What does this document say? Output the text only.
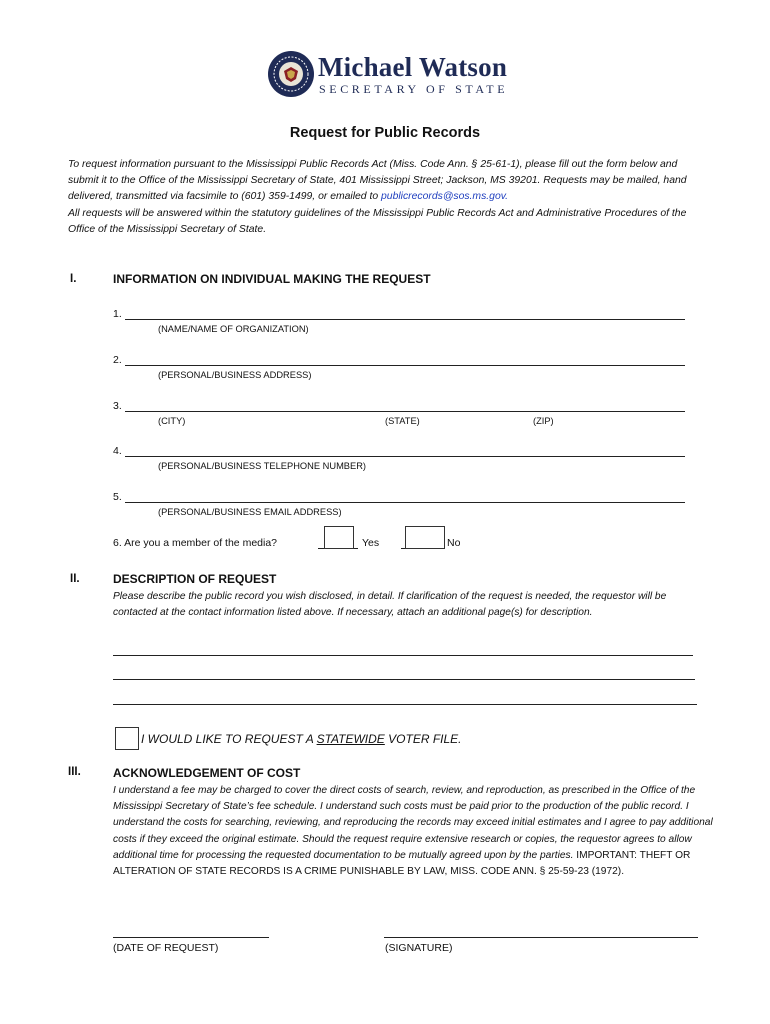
Michael Watson
SECRETARY OF STATE
Request for Public Records

To request information pursuant to the Mississippi Public Records Act (Miss. Code Ann. § 25-61-1), please fill out the form below and submit it to the Office of the Mississippi Secretary of State, 401 Mississippi Street; Jackson, MS 39201. Requests may be mailed, hand delivered, transmitted via facsimile to (601) 359-1499, or emailed to publicrecords@sos.ms.gov.

All requests will be answered within the statutory guidelines of the Mississippi Public Records Act and Administrative Procedures of the Office of the Mississippi Secretary of State.

I.	INFORMATION ON INDIVIDUAL MAKING THE REQUEST
1.
(NAME/NAME OF ORGANIZATION)
2.
(PERSONAL/BUSINESS ADDRESS)
3.
(CITY)	(STATE)	(ZIP)
4.
(PERSONAL/BUSINESS TELEPHONE NUMBER)
5.
(PERSONAL/BUSINESS EMAIL ADDRESS)
6. Are you a member of the media?	Yes	No
II.	DESCRIPTION OF REQUEST
Please describe the public record you wish disclosed, in detail. If clarification of the request is needed, the requestor will be contacted at the contact information listed above. If necessary, attach an additional page(s) for description.
I WOULD LIKE TO REQUEST A STATEWIDE VOTER FILE.
III.	ACKNOWLEDGEMENT OF COST
I understand a fee may be charged to cover the direct costs of search, review, and reproduction, as prescribed in the Office of the Mississippi Secretary of State’s fee schedule. I understand such costs must be paid prior to the production of the public record. I understand the costs for searching, reviewing, and reproducing the records may exceed initial estimates and I agree to pay additional costs if they exceed the original estimate. Should the request require extensive research or copies, the requestor agrees to allow additional time for processing the requested documentation to be mutually agreed upon by the parties. IMPORTANT: THEFT OR ALTERATION OF STATE RECORDS IS A CRIME PUNISHABLE BY LAW, MISS. CODE ANN. § 25-59-23 (1972).
(DATE OF REQUEST)	(SIGNATURE)
